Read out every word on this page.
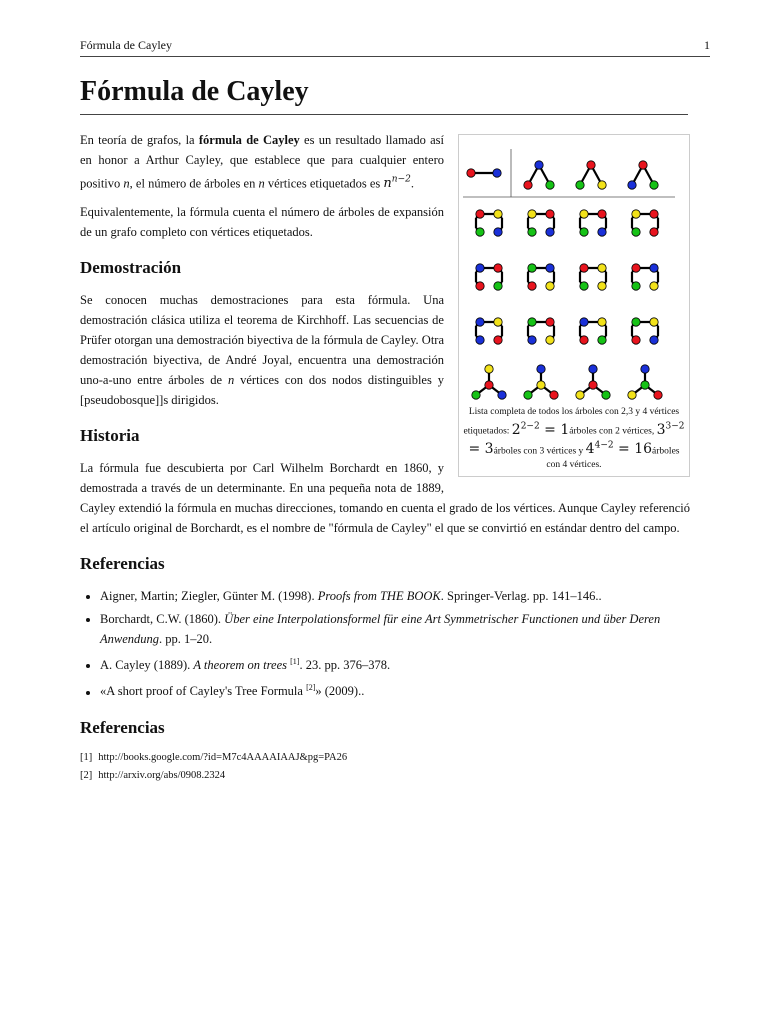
Fórmula de Cayley	1
Fórmula de Cayley
Lista completa de todos los árboles con 2,3 y 4 vértices etiquetados: $2^{2-2}$ = 1árboles con 2 vértices, $3^{3-2}$ = 3árboles con 3 vértices y $4^{4-2}$ = 16árboles con 4 vértices.

En teoría de grafos, la fórmula de Cayley es un resultado llamado así en honor a Arthur Cayley, que establece que para cualquier entero positivo n, el número de árboles en n vértices etiquetados es $n^{n-2}$.

Equivalentemente, la fórmula cuenta el número de árboles de expansión de un grafo completo con vértices etiquetados.

Demostración

Se conocen muchas demostraciones para esta fórmula. Una demostración clásica utiliza el teorema de Kirchhoff. Las secuencias de Prüfer otorgan una demostración biyectiva de la fórmula de Cayley. Otra demostración biyectiva, de André Joyal, encuentra una demostración uno-a-uno entre árboles de n vértices con dos nodos distinguibles y [pseudobosque]]s dirigidos.

Historia

La fórmula fue descubierta por Carl Wilhelm Borchardt en 1860, y demostrada a través de un determinante. En una pequeña nota de 1889, Cayley extendió la fórmula en muchas direcciones, tomando en cuenta el grado de los vértices. Aunque Cayley referenció el artículo original de Borchardt, es el nombre de "fórmula de Cayley" el que se convirtió en estándar dentro del campo.

Referencias
• Aigner, Martin; Ziegler, Günter M. (1998). Proofs from THE BOOK. Springer-Verlag. pp. 141–146..
• Borchardt, C.W. (1860). Über eine Interpolationsformel für eine Art Symmetrischer Functionen und über Deren Anwendung. pp. 1–20.
• A. Cayley (1889). A theorem on trees [1]. 23. pp. 376–378.
• «A short proof of Cayley's Tree Formula [2]» (2009)..
Referencias
[1] http://books.google.com/?id=M7c4AAAAIAAJ&pg=PA26
[2] http://arxiv.org/abs/0908.2324
